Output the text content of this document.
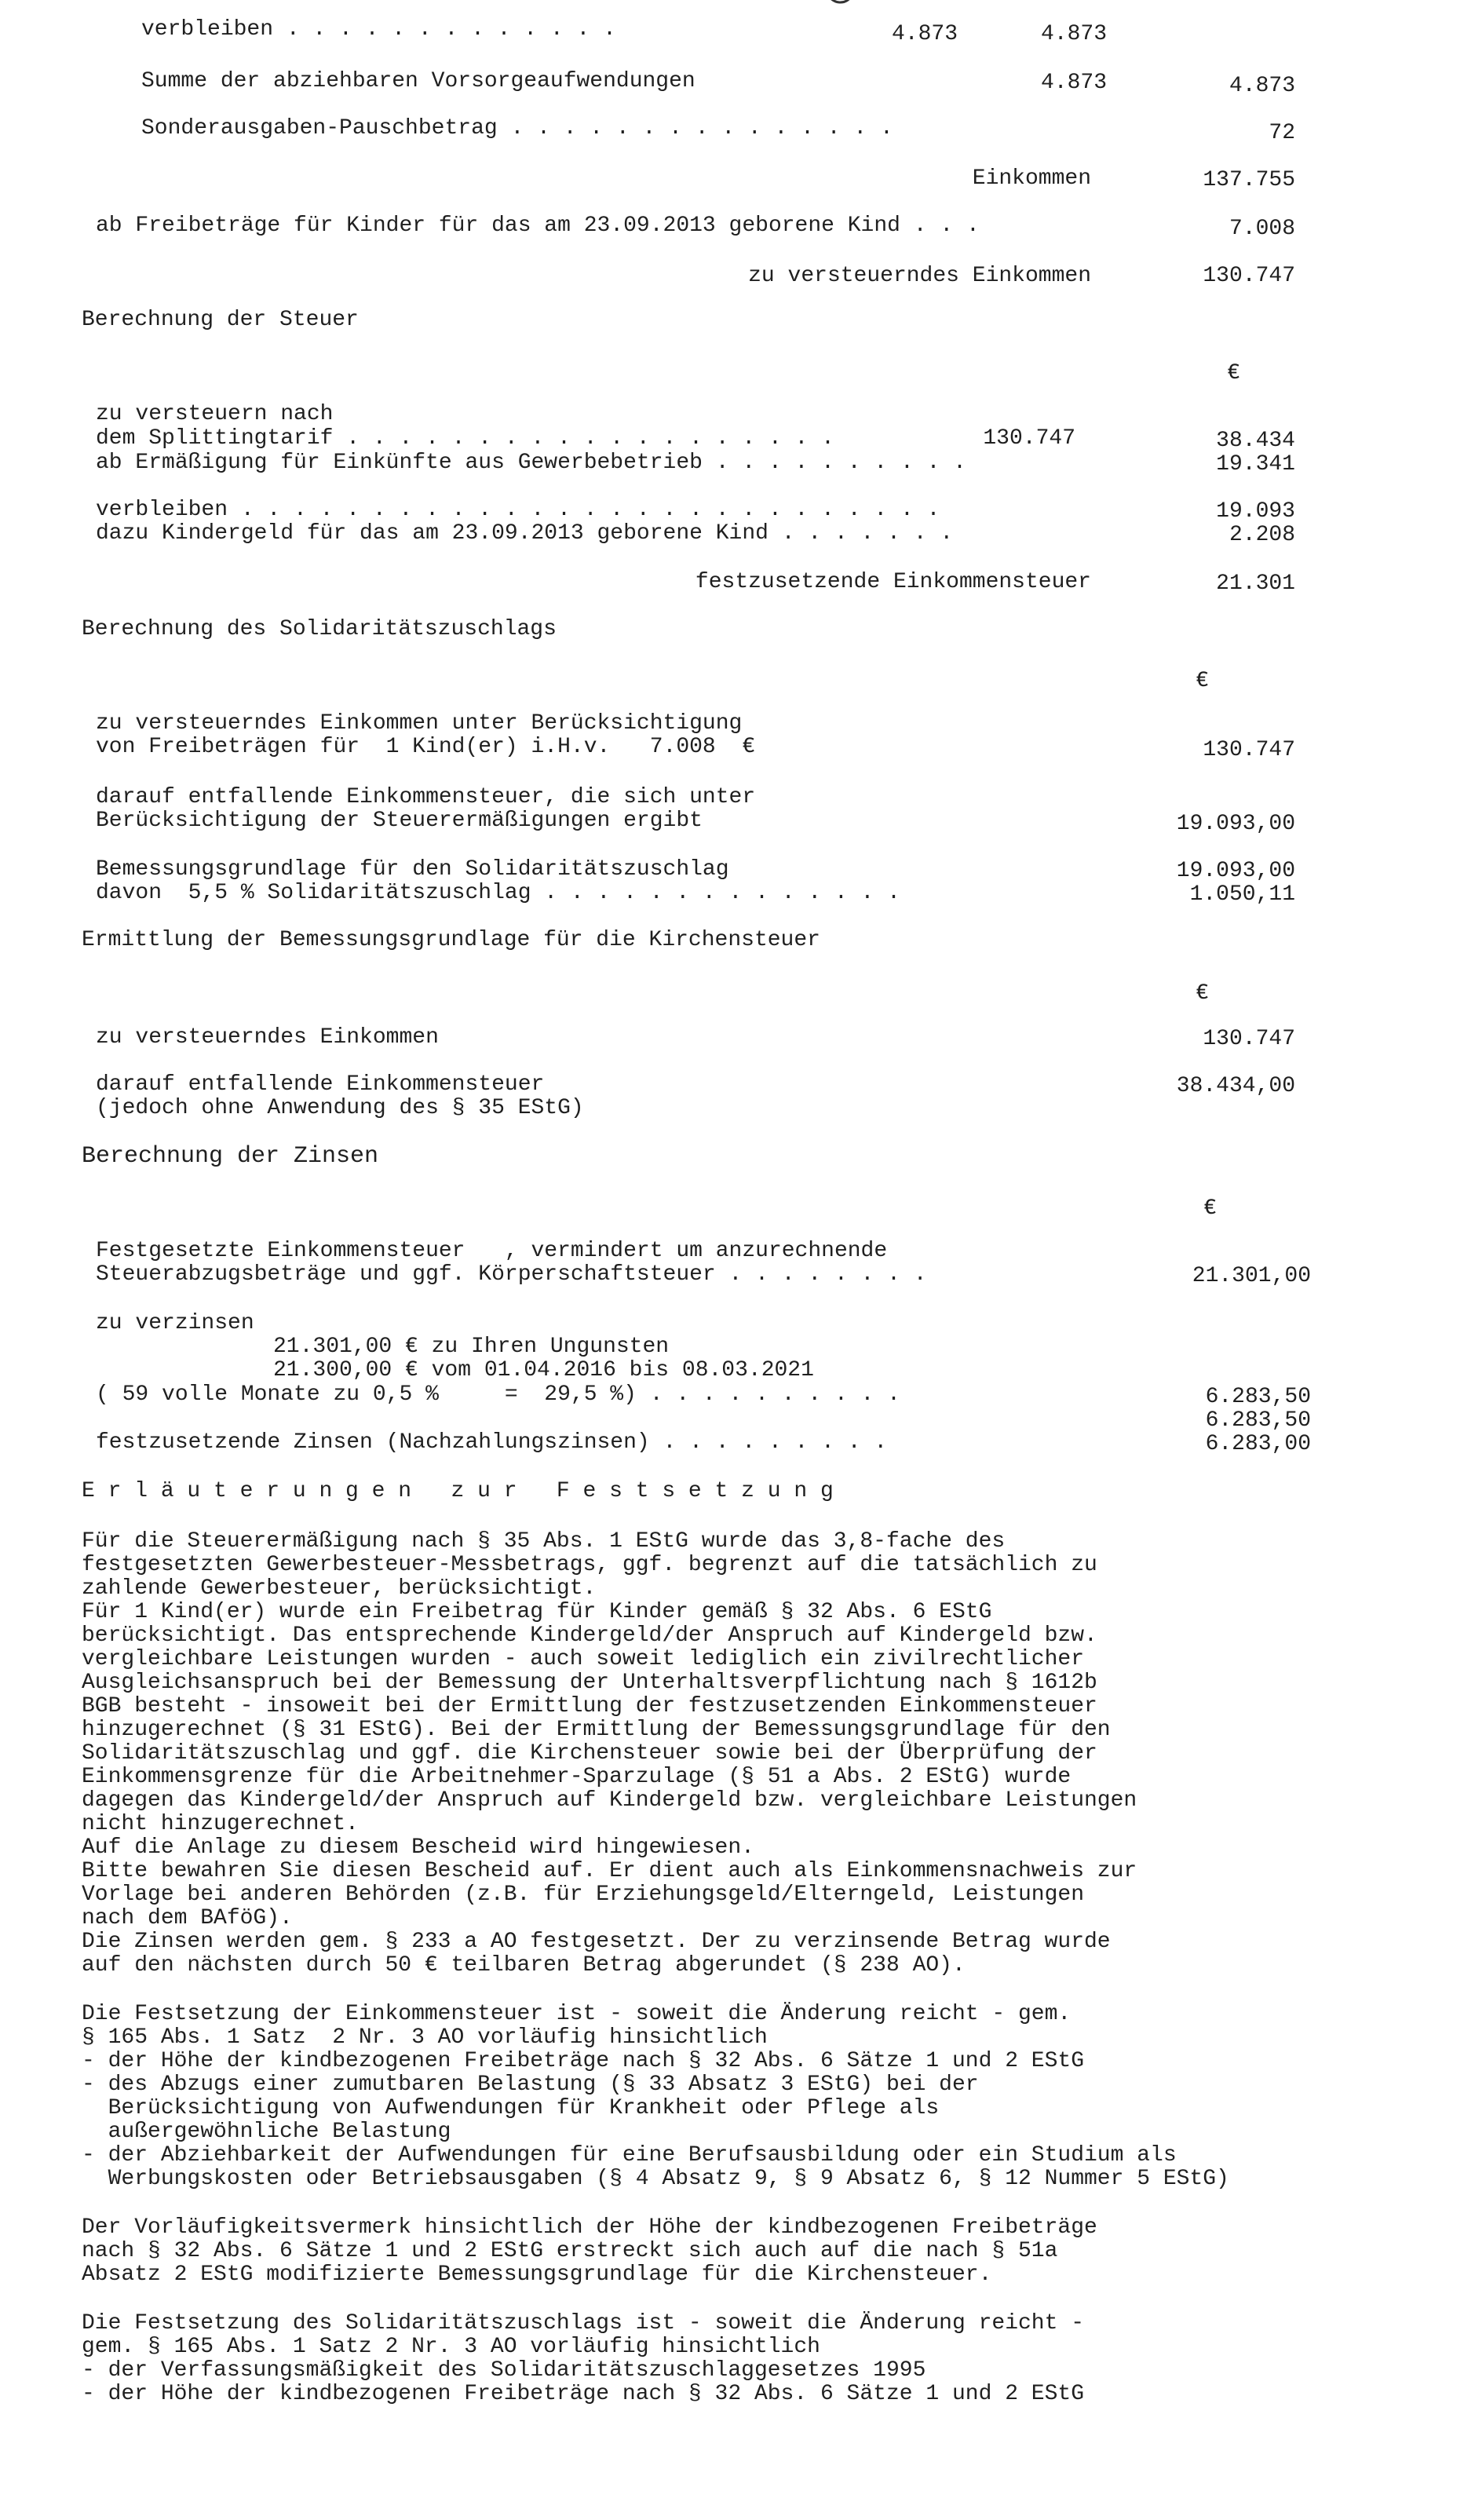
verbleiben . . . . . . . . . . . . .	4.873	4.873
Summe der abziehbaren Vorsorgeaufwendungen	4.873	4.873
Sonderausgaben-Pauschbetrag . . . . . . . . . . . . . . .	72
Einkommen	137.755
ab Freibeträge für Kinder für das am 23.09.2013 geborene Kind . . .	7.008
zu versteuerndes Einkommen	130.747
Berechnung der Steuer
€
zu versteuern nach
dem Splittingtarif . . . . . . . . . . . . . . . . . . .	130.747	38.434
ab Ermäßigung für Einkünfte aus Gewerbebetrieb . . . . . . . . . .	19.341
verbleiben . . . . . . . . . . . . . . . . . . . . . . . . . . .	19.093
dazu Kindergeld für das am 23.09.2013 geborene Kind . . . . . . .	2.208
festzusetzende Einkommensteuer	21.301
Berechnung des Solidaritätszuschlags
€
zu versteuerndes Einkommen unter Berücksichtigung
von Freibeträgen für  1 Kind(er) i.H.v.   7.008  €	130.747
darauf entfallende Einkommensteuer, die sich unter
Berücksichtigung der Steuerermäßigungen ergibt	19.093,00
Bemessungsgrundlage für den Solidaritätszuschlag	19.093,00
davon  5,5 % Solidaritätszuschlag . . . . . . . . . . . . . .	1.050,11
Ermittlung der Bemessungsgrundlage für die Kirchensteuer
€
zu versteuerndes Einkommen	130.747
darauf entfallende Einkommensteuer	38.434,00
(jedoch ohne Anwendung des § 35 EStG)
Berechnung der Zinsen
€
Festgesetzte Einkommensteuer   , vermindert um anzurechnende
Steuerabzugsbeträge und ggf. Körperschaftsteuer . . . . . . . .	21.301,00
zu verzinsen
21.301,00 € zu Ihren Ungunsten
21.300,00 € vom 01.04.2016 bis 08.03.2021
( 59 volle Monate zu 0,5 %     =  29,5 %) . . . . . . . . . .	6.283,50
6.283,50
festzusetzende Zinsen (Nachzahlungszinsen) . . . . . . . . .	6.283,00
E r l ä u t e r u n g e n   z u r   F e s t s e t z u n g
Für die Steuerermäßigung nach § 35 Abs. 1 EStG wurde das 3,8-fache des
festgesetzten Gewerbesteuer-Messbetrags, ggf. begrenzt auf die tatsächlich zu
zahlende Gewerbesteuer, berücksichtigt.
Für 1 Kind(er) wurde ein Freibetrag für Kinder gemäß § 32 Abs. 6 EStG
berücksichtigt. Das entsprechende Kindergeld/der Anspruch auf Kindergeld bzw.
vergleichbare Leistungen wurden - auch soweit lediglich ein zivilrechtlicher
Ausgleichsanspruch bei der Bemessung der Unterhaltsverpflichtung nach § 1612b
BGB besteht - insoweit bei der Ermittlung der festzusetzenden Einkommensteuer
hinzugerechnet (§ 31 EStG). Bei der Ermittlung der Bemessungsgrundlage für den
Solidaritätszuschlag und ggf. die Kirchensteuer sowie bei der Überprüfung der
Einkommensgrenze für die Arbeitnehmer-Sparzulage (§ 51 a Abs. 2 EStG) wurde
dagegen das Kindergeld/der Anspruch auf Kindergeld bzw. vergleichbare Leistungen
nicht hinzugerechnet.
Auf die Anlage zu diesem Bescheid wird hingewiesen.
Bitte bewahren Sie diesen Bescheid auf. Er dient auch als Einkommensnachweis zur
Vorlage bei anderen Behörden (z.B. für Erziehungsgeld/Elterngeld, Leistungen
nach dem BAföG).
Die Zinsen werden gem. § 233 a AO festgesetzt. Der zu verzinsende Betrag wurde
auf den nächsten durch 50 € teilbaren Betrag abgerundet (§ 238 AO).
Die Festsetzung der Einkommensteuer ist - soweit die Änderung reicht - gem.
§ 165 Abs. 1 Satz  2 Nr. 3 AO vorläufig hinsichtlich
- der Höhe der kindbezogenen Freibeträge nach § 32 Abs. 6 Sätze 1 und 2 EStG
- des Abzugs einer zumutbaren Belastung (§ 33 Absatz 3 EStG) bei der
Berücksichtigung von Aufwendungen für Krankheit oder Pflege als
außergewöhnliche Belastung
- der Abziehbarkeit der Aufwendungen für eine Berufsausbildung oder ein Studium als
Werbungskosten oder Betriebsausgaben (§ 4 Absatz 9, § 9 Absatz 6, § 12 Nummer 5 EStG)
Der Vorläufigkeitsvermerk hinsichtlich der Höhe der kindbezogenen Freibeträge
nach § 32 Abs. 6 Sätze 1 und 2 EStG erstreckt sich auch auf die nach § 51a
Absatz 2 EStG modifizierte Bemessungsgrundlage für die Kirchensteuer.
Die Festsetzung des Solidaritätszuschlags ist - soweit die Änderung reicht -
gem. § 165 Abs. 1 Satz 2 Nr. 3 AO vorläufig hinsichtlich
- der Verfassungsmäßigkeit des Solidaritätszuschlaggesetzes 1995
- der Höhe der kindbezogenen Freibeträge nach § 32 Abs. 6 Sätze 1 und 2 EStG
